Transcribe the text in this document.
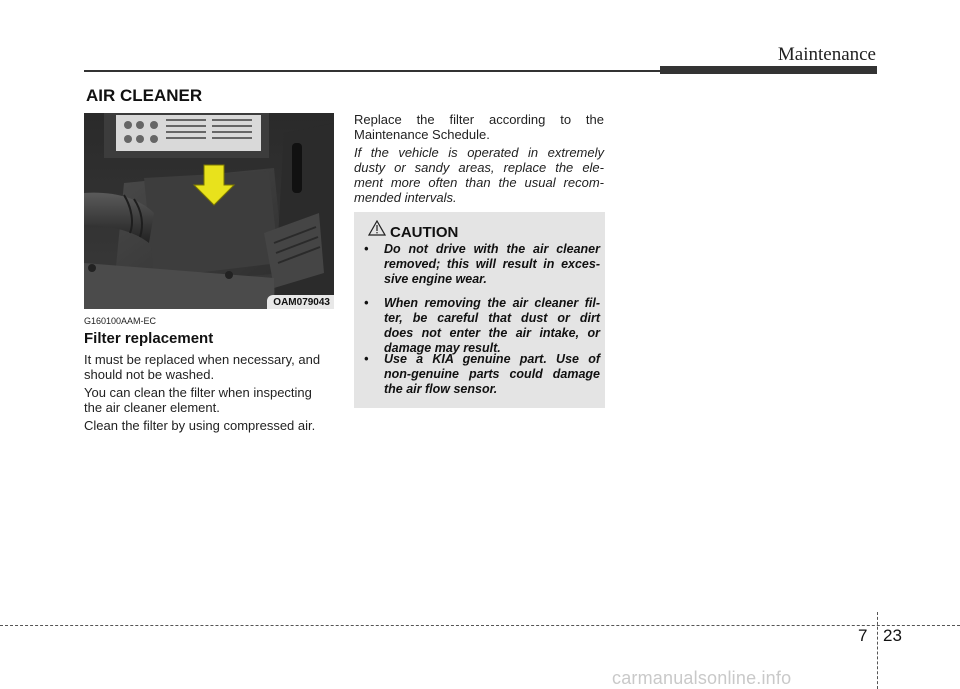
Maintenance
AIR CLEANER
OAM079043
G160100AAM-EC
Filter replacement
It must be replaced when necessary, and
should not be washed.
You can clean the filter when inspecting
the air cleaner element.
Clean the filter by using compressed air.
Replace the filter according to the
Maintenance Schedule.
If the vehicle is operated in extremely
dusty or sandy areas, replace the ele-
ment more often than the usual recom-
mended intervals.
CAUTION
•	Do not drive with the air cleaner
removed; this will result in exces-
sive engine wear.
•	When removing the air cleaner fil-
ter, be careful that dust or dirt
does not enter the air intake, or
damage may result.
•	Use a KIA genuine part. Use of
non-genuine parts could damage
the air flow sensor.
7 23
carmanualsonline.info
